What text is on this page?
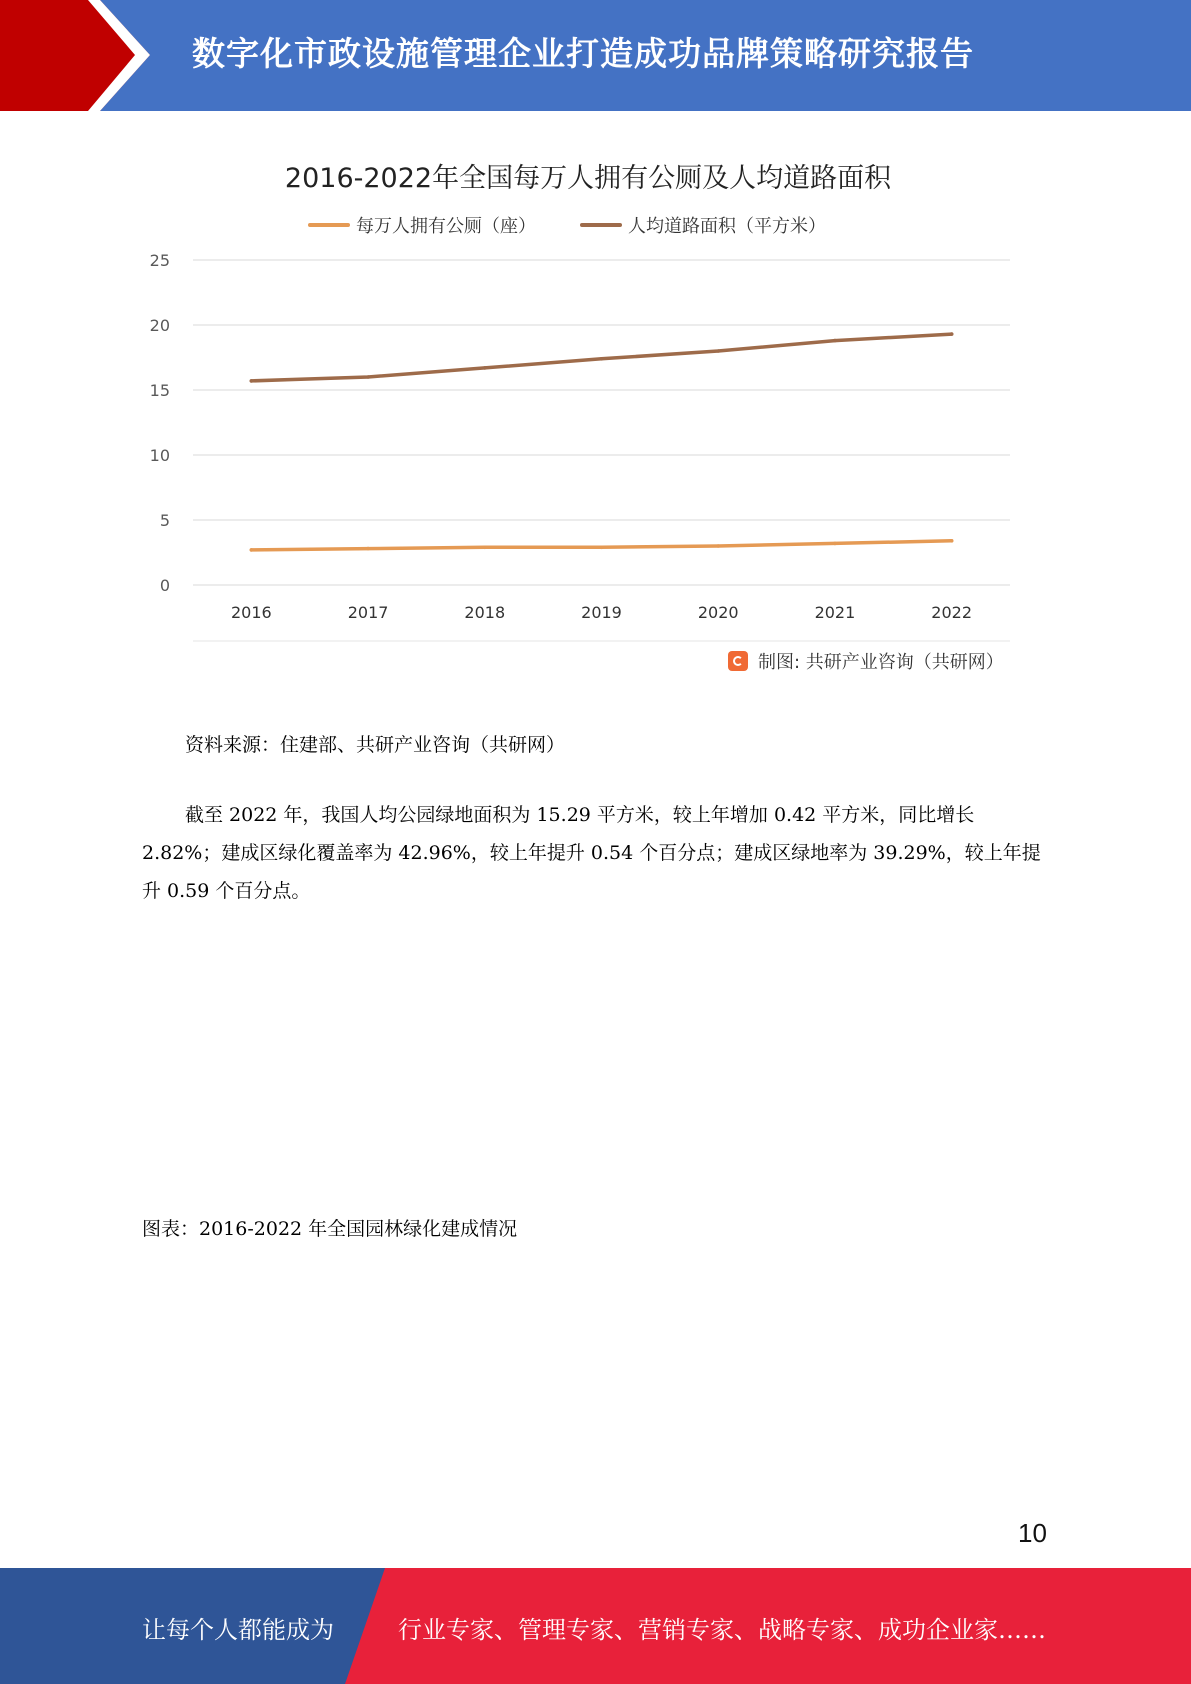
数字化市政设施管理企业打造成功品牌策略研究报告
0
5
10
15
20
25
2016	2017	2018	2019	2020	2021	2022
2016-2022年全国每万人拥有公厕及人均道路面积
每万人拥有公厕（座）	人均道路面积（平方米）
制图: 共研产业咨询（共研网）
资料来源：住建部、共研产业咨询（共研网）
截至 2022 年，我国人均公园绿地面积为 15.29 平方米，较上年增加 0.42 平方米，同比增长 2.82%；建成区绿化覆盖率为 42.96%，较上年提升 0.54 个百分点；建成区绿地率为 39.29%，较上年提升 0.59 个百分点。
图表：2016-2022 年全国园林绿化建成情况
10
让每个人都能成为	行业专家、管理专家、营销专家、战略专家、成功企业家……
